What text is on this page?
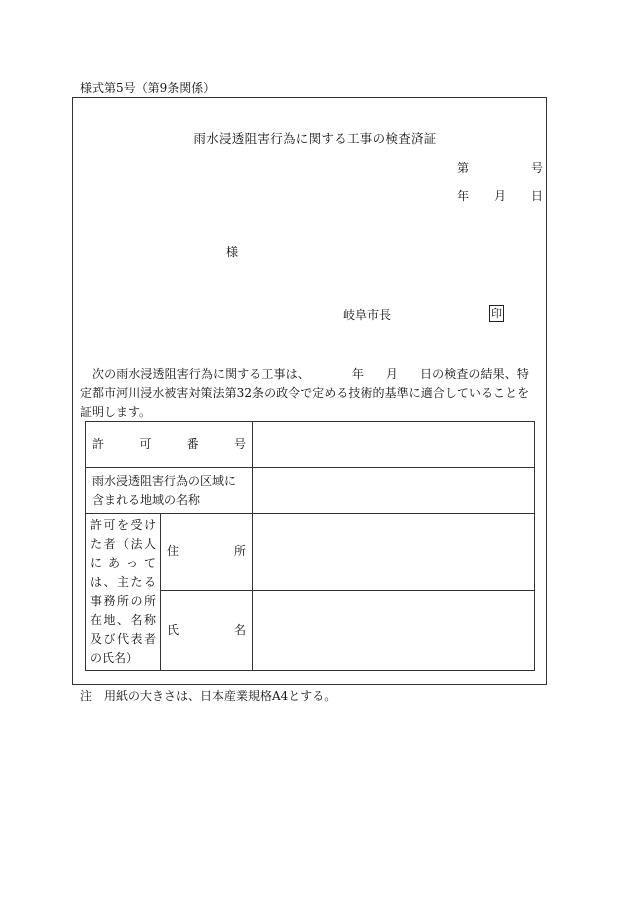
様式第5号（第9条関係）
雨水浸透阻害行為に関する工事の検査済証
第	号
年 月 日
様
岐阜市長	印
次の雨水浸透阻害行為に関する工事は、	年 月 日の検査の結果、特
定都市河川浸水被害対策法第32条の政令で定める技術的基準に適合していることを
証明します。
許 可 番 号		

雨水浸透阻害行為の区域に
含まれる地域の名称		

許可を受けた者（法人にあっては、主たる事務所の所在地、名称及び代表者の氏名）	住 所	

	氏 名	

注　用紙の大きさは、日本産業規格A4とする。
